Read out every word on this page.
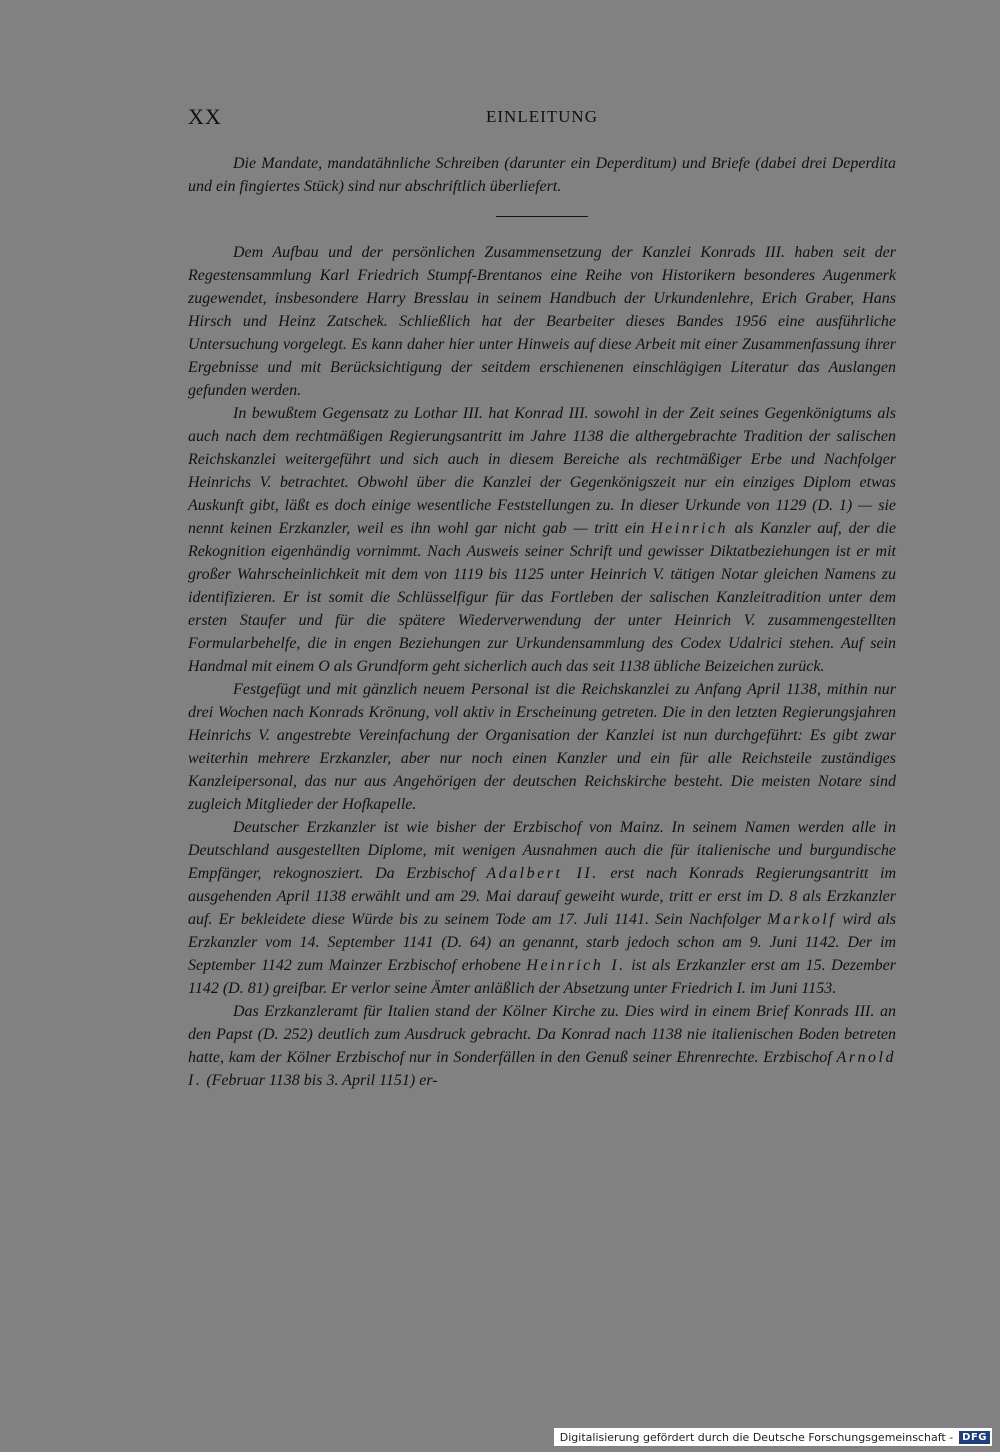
XX	EINLEITUNG

Die Mandate, mandatähnliche Schreiben (darunter ein Deperditum) und Briefe (dabei drei Deperdita und ein fingiertes Stück) sind nur abschriftlich überliefert.

Dem Aufbau und der persönlichen Zusammensetzung der Kanzlei Konrads III. haben seit der Regestensammlung Karl Friedrich Stumpf-Brentanos eine Reihe von Historikern besonderes Augenmerk zugewendet, insbesondere Harry Bresslau in seinem Handbuch der Urkundenlehre, Erich Graber, Hans Hirsch und Heinz Zatschek. Schließlich hat der Bearbeiter dieses Bandes 1956 eine ausführliche Untersuchung vorgelegt. Es kann daher hier unter Hinweis auf diese Arbeit mit einer Zusammenfassung ihrer Ergebnisse und mit Berücksichtigung der seitdem erschienenen einschlägigen Literatur das Auslangen gefunden werden.

In bewußtem Gegensatz zu Lothar III. hat Konrad III. sowohl in der Zeit seines Gegenkönigtums als auch nach dem rechtmäßigen Regierungsantritt im Jahre 1138 die althergebrachte Tradition der salischen Reichskanzlei weitergeführt und sich auch in diesem Bereiche als rechtmäßiger Erbe und Nachfolger Heinrichs V. betrachtet. Obwohl über die Kanzlei der Gegenkönigszeit nur ein einziges Diplom etwas Auskunft gibt, läßt es doch einige wesentliche Feststellungen zu. In dieser Urkunde von 1129 (D. 1) — sie nennt keinen Erzkanzler, weil es ihn wohl gar nicht gab — tritt ein Heinrich als Kanzler auf, der die Rekognition eigenhändig vornimmt. Nach Ausweis seiner Schrift und gewisser Diktatbeziehungen ist er mit großer Wahrscheinlichkeit mit dem von 1119 bis 1125 unter Heinrich V. tätigen Notar gleichen Namens zu identifizieren. Er ist somit die Schlüsselfigur für das Fortleben der salischen Kanzleitradition unter dem ersten Staufer und für die spätere Wiederverwendung der unter Heinrich V. zusammengestellten Formularbehelfe, die in engen Beziehungen zur Urkundensammlung des Codex Udalrici stehen. Auf sein Handmal mit einem O als Grundform geht sicherlich auch das seit 1138 übliche Beizeichen zurück.

Festgefügt und mit gänzlich neuem Personal ist die Reichskanzlei zu Anfang April 1138, mithin nur drei Wochen nach Konrads Krönung, voll aktiv in Erscheinung getreten. Die in den letzten Regierungsjahren Heinrichs V. angestrebte Vereinfachung der Organisation der Kanzlei ist nun durchgeführt: Es gibt zwar weiterhin mehrere Erzkanzler, aber nur noch einen Kanzler und ein für alle Reichsteile zuständiges Kanzleipersonal, das nur aus Angehörigen der deutschen Reichskirche besteht. Die meisten Notare sind zugleich Mitglieder der Hofkapelle.

Deutscher Erzkanzler ist wie bisher der Erzbischof von Mainz. In seinem Namen werden alle in Deutschland ausgestellten Diplome, mit wenigen Ausnahmen auch die für italienische und burgundische Empfänger, rekognosziert. Da Erzbischof Adalbert II. erst nach Konrads Regierungsantritt im ausgehenden April 1138 erwählt und am 29. Mai darauf geweiht wurde, tritt er erst im D. 8 als Erzkanzler auf. Er bekleidete diese Würde bis zu seinem Tode am 17. Juli 1141. Sein Nachfolger Markolf wird als Erzkanzler vom 14. September 1141 (D. 64) an genannt, starb jedoch schon am 9. Juni 1142. Der im September 1142 zum Mainzer Erzbischof erhobene Heinrich I. ist als Erzkanzler erst am 15. Dezember 1142 (D. 81) greifbar. Er verlor seine Ämter anläßlich der Absetzung unter Friedrich I. im Juni 1153.

Das Erzkanzleramt für Italien stand der Kölner Kirche zu. Dies wird in einem Brief Konrads III. an den Papst (D. 252) deutlich zum Ausdruck gebracht. Da Konrad nach 1138 nie italienischen Boden betreten hatte, kam der Kölner Erzbischof nur in Sonderfällen in den Genuß seiner Ehrenrechte. Erzbischof Arnold I. (Februar 1138 bis 3. April 1151) er-

Digitalisierung gefördert durch die Deutsche Forschungsgemeinschaft - DFG
